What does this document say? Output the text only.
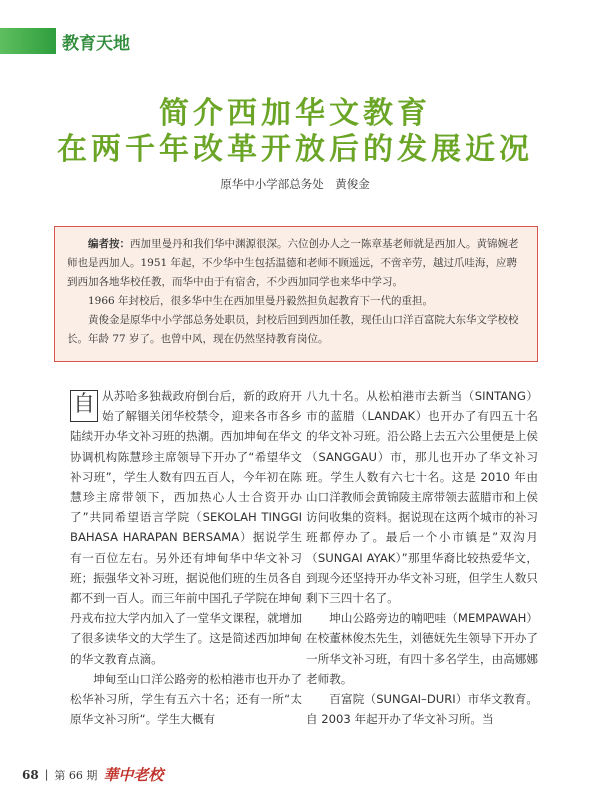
教育天地
简介西加华文教育
在两千年改革开放后的发展近况
原华中小学部总务处　黄俊金

编者按：西加里曼丹和我们华中渊源很深。六位创办人之一陈章基老师就是西加人。黄锦婉老师也是西加人。1951 年起，不少华中生包括温德和老师不顾遥远，不啻辛劳，越过爪哇海，应聘到西加各地华校任教，而华中由于有宿舍，不少西加同学也来华中学习。

1966 年封校后，很多华中生在西加里曼丹毅然担负起教育下一代的重担。

黄俊金是原华中小学部总务处职员，封校后回到西加任教，现任山口洋百富院大东华文学校校长。年龄 77 岁了。也曾中风，现在仍然坚持教育岗位。

自 从苏哈多独裁政府倒台后，新的政府开始了解锢关闭华校禁令，迎来各市各乡陆续开办华文补习班的热潮。西加坤甸在华文协调机构陈慧珍主席领导下开办了“希望华文补习班”，学生人数有四五百人，今年初在陈慧珍主席带领下，西加热心人士合资开办了”共同希望语言学院（SEKOLAH TINGGI BAHASA HARAPAN BERSAMA）据说学生有一百位左右。另外还有坤甸华中华文补习班；振强华文补习班，据说他们班的生员各自都不到一百人。而三年前中国孔子学院在坤甸丹戎布拉大学内加入了一堂华文课程，就增加了很多读华文的大学生了。这是简述西加坤甸的华文教育点滴。

坤甸至山口洋公路旁的松柏港市也开办了松华补习所，学生有五六十名；还有一所“太原华文补习所“。学生大概有

八九十名。从松柏港市去新当（SINTANG）市的蓝腊（LANDAK）也开办了有四五十名的华文补习班。沿公路上去五六公里便是上侯（SANGGAU）市，那儿也开办了华文补习班。学生人数有六七十名。这是 2010 年由山口洋教师会黄锦陵主席带领去蓝腊市和上侯访问收集的资料。据说现在这两个城市的补习班都停办了。最后一个小市镇是”双沟月（SUNGAI AYAK）”那里华裔比较热爱华文，到现今还坚持开办华文补习班，但学生人数只剩下三四十名了。

坤山公路旁边的喃吧哇（MEMPAWAH）在校董林俊杰先生，刘德妩先生领导下开办了一所华文补习班，有四十多名学生，由高娜娜老师教。

百富院（SUNGAI–DURI）市华文教育。自 2003 年起开办了华文补习所。当

68 | 第 66 期 華中老校
